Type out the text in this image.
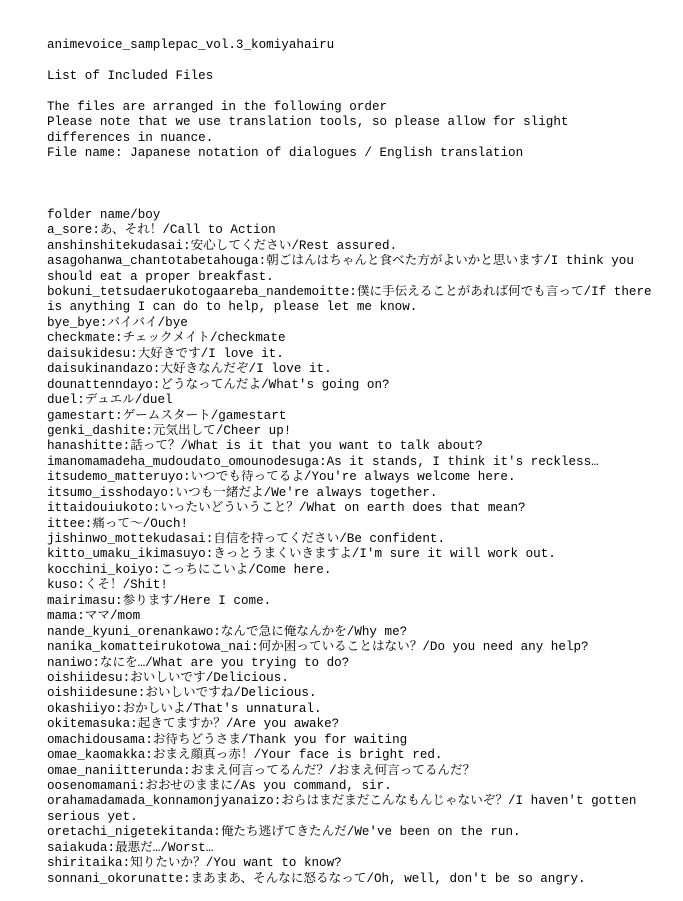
animevoice_samplepac_vol.3_komiyahairu
List of Included Files
The files are arranged in the following order
Please note that we use translation tools, so please allow for slight
differences in nuance.
File name: Japanese notation of dialogues / English translation
folder name/boy
a_sore:あ、それ！/Call to Action
anshinshitekudasai:安心してください/Rest assured.
asagohanwa_chantotabetahouga:朝ごはんはちゃんと食べた方がよいかと思います/I think you
should eat a proper breakfast.
bokuni_tetsudaerukotogaareba_nandemoitte:僕に手伝えることがあれば何でも言って/If there
is anything I can do to help, please let me know.
bye_bye:バイバイ/bye
checkmate:チェックメイト/checkmate
daisukidesu:大好きです/I love it.
daisukinandazo:大好きなんだぞ/I love it.
dounattenndayo:どうなってんだよ/What's going on?
duel:デュエル/duel
gamestart:ゲームスタート/gamestart
genki_dashite:元気出して/Cheer up!
hanashitte:話って？/What is it that you want to talk about?
imanomamadeha_mudoudato_omounodesuga:As it stands, I think it's reckless…
itsudemo_matteruyo:いつでも待ってるよ/You're always welcome here.
itsumo_isshodayo:いつも一緒だよ/We're always together.
ittaidouiukoto:いったいどういうこと？/What on earth does that mean?
ittee:痛って～/Ouch!
jishinwo_mottekudasai:自信を持ってください/Be confident.
kitto_umaku_ikimasuyo:きっとうまくいきますよ/I'm sure it will work out.
kocchini_koiyo:こっちにこいよ/Come here.
kuso:くそ！/Shit!
mairimasu:参ります/Here I come.
mama:ママ/mom
nande_kyuni_orenankawo:なんで急に俺なんかを/Why me?
nanika_komatteirukotowa_nai:何か困っていることはない？/Do you need any help?
naniwo:なにを…/What are you trying to do?
oishiidesu:おいしいです/Delicious.
oishiidesune:おいしいですね/Delicious.
okashiiyo:おかしいよ/That's unnatural.
okitemasuka:起きてますか？/Are you awake?
omachidousama:お待ちどうさま/Thank you for waiting
omae_kaomakka:おまえ顔真っ赤！/Your face is bright red.
omae_naniitterunda:おまえ何言ってるんだ？/おまえ何言ってるんだ？
oosenomamani:おおせのままに/As you command, sir.
orahamadamada_konnamonjyanaizo:おらはまだまだこんなもんじゃないぞ？/I haven't gotten
serious yet.
oretachi_nigetekitanda:俺たち逃げてきたんだ/We've been on the run.
saiakuda:最悪だ…/Worst…
shiritaika:知りたいか？/You want to know?
sonnani_okorunatte:まあまあ、そんなに怒るなって/Oh, well, don't be so angry.
